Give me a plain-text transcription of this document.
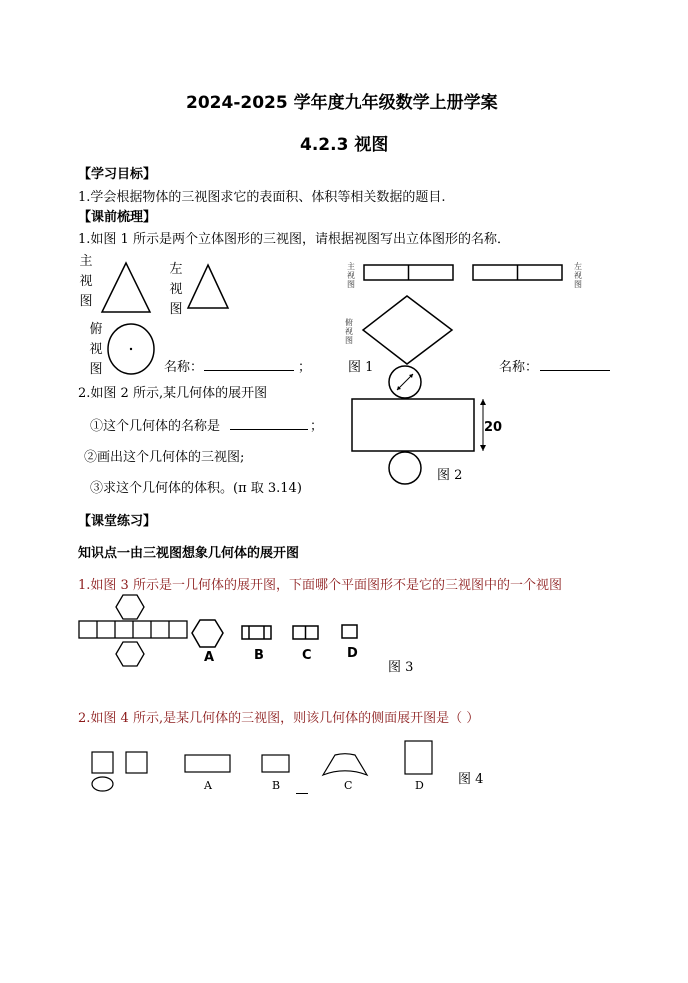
2024-2025 学年度九年级数学上册学案
4.2.3 视图
【学习目标】
1.学会根据物体的三视图求它的表面积、体积等相关数据的题目.
【课前梳理】
1.如图 1 所示是两个立体图形的三视图，请根据视图写出立体图形的名称．
主视图
左视图
俯视图	名称：	；
主视图
左视图
俯视图
图 1	名称：
2.如图 2 所示,某几何体的展开图
①这个几何体的名称是	；
②画出这个几何体的三视图;
③求这个几何体的体积。(π 取 3.14)
20
图 2
【课堂练习】
知识点一由三视图想象几何体的展开图
1.如图 3 所示是一几何体的展开图，下面哪个平面图形不是它的三视图中的一个视图
A	B	C	D
图 3
2.如图 4 所示,是某几何体的三视图，则该几何体的侧面展开图是（ ）
A	B	C	D	图 4
